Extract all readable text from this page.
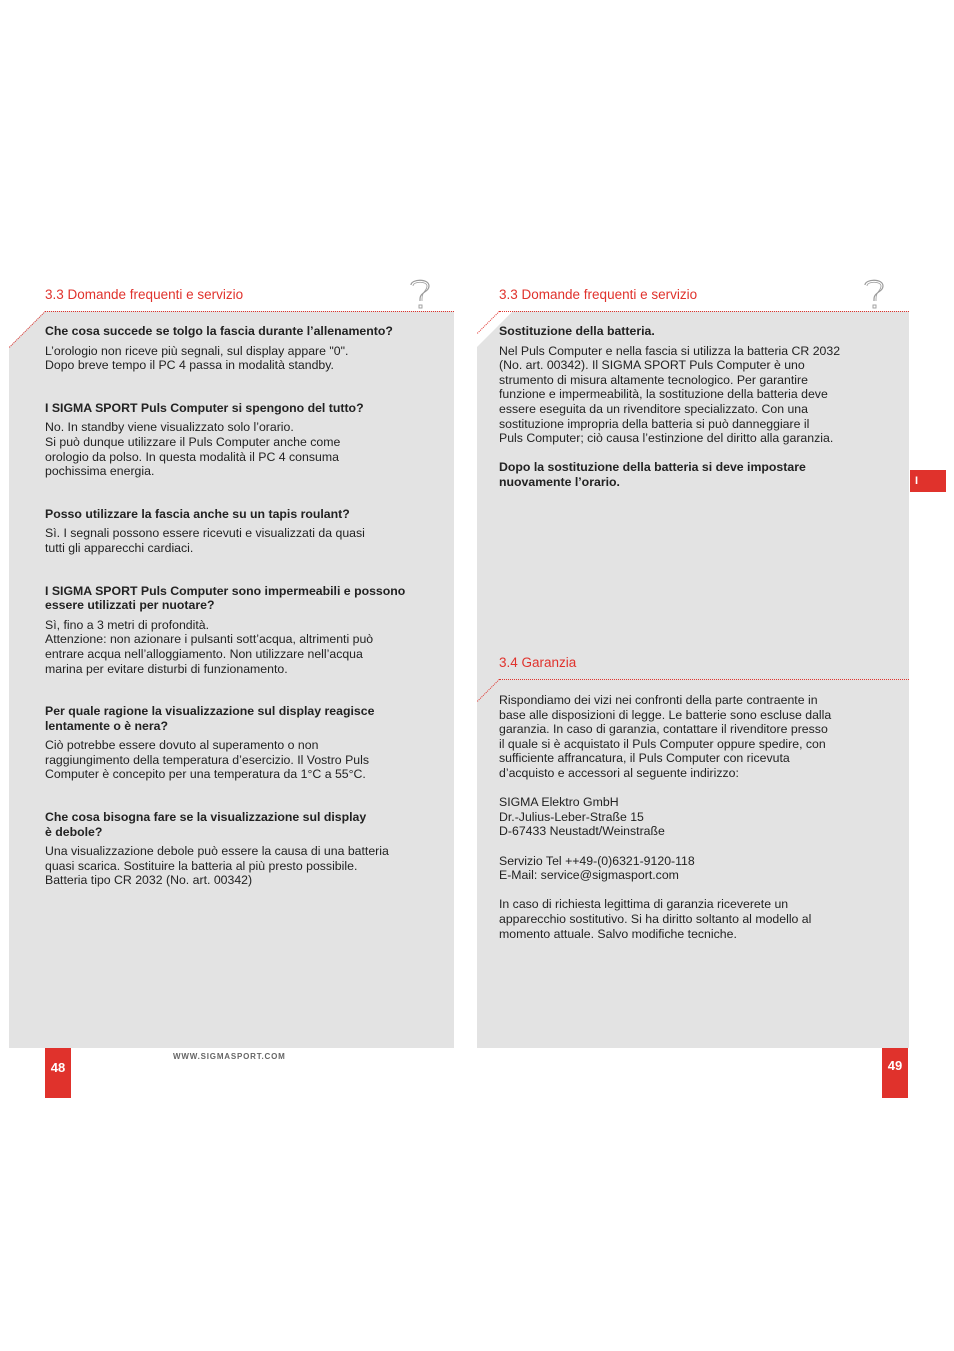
3.3 Domande frequenti e servizio

Che cosa succede se tolgo la fascia durante l’allenamento?

L’orologio non riceve più segnali, sul display appare "0".

Dopo breve tempo il PC 4 passa in modalità standby.

I SIGMA SPORT Puls Computer si spengono del tutto?

No. In standby viene visualizzato solo l’orario.

Si può dunque utilizzare il Puls Computer anche come

orologio da polso. In questa modalità il PC 4 consuma

pochissima energia.

Posso utilizzare la fascia anche su un tapis roulant?

Sì. I segnali possono essere ricevuti e visualizzati da quasi

tutti gli apparecchi cardiaci.

I SIGMA SPORT Puls Computer sono impermeabili e possono

essere utilizzati per nuotare?

Sì, fino a 3 metri di profondità.

Attenzione: non azionare i pulsanti sott’acqua, altrimenti può

entrare acqua nell’alloggiamento. Non utilizzare nell’acqua

marina per evitare disturbi di funzionamento.

Per quale ragione la visualizzazione sul display reagisce

lentamente o è nera?

Ciò potrebbe essere dovuto al superamento o non

raggiungimento della temperatura d’esercizio. Il Vostro Puls

Computer è concepito per una temperatura da 1°C a 55°C.

Che cosa bisogna fare se la visualizzazione sul display

è debole?

Una visualizzazione debole può essere la causa di una batteria

quasi scarica. Sostituire la batteria al più presto possibile.

Batteria tipo CR 2032 (No. art. 00342)

48
WWW.SIGMASPORT.COM
3.3 Domande frequenti e servizio

Sostituzione della batteria.

Nel Puls Computer e nella fascia si utilizza la batteria CR 2032

(No. art. 00342). Il SIGMA SPORT Puls Computer è uno

strumento di misura altamente tecnologico. Per garantire

funzione e impermeabilità, la sostituzione della batteria deve

essere eseguita da un rivenditore specializzato. Con una

sostituzione impropria della batteria si può danneggiare il

Puls Computer; ciò causa l’estinzione del diritto alla garanzia.

Dopo la sostituzione della batteria si deve impostare

nuovamente l’orario.	I
3.4 Garanzia

Rispondiamo dei vizi nei confronti della parte contraente in

base alle disposizioni di legge. Le batterie sono escluse dalla

garanzia. In caso di garanzia, contattare il rivenditore presso

il quale si è acquistato il Puls Computer oppure spedire, con

sufficiente affrancatura, il Puls Computer con ricevuta

d’acquisto e accessori al seguente indirizzo:

SIGMA Elektro GmbH

Dr.-Julius-Leber-Straße 15

D-67433 Neustadt/Weinstraße

Servizio Tel ++49-(0)6321-9120-118

E-Mail: service@sigmasport.com

In caso di richiesta legittima di garanzia riceverete un

apparecchio sostitutivo. Si ha diritto soltanto al modello al

momento attuale. Salvo modifiche tecniche.

49
